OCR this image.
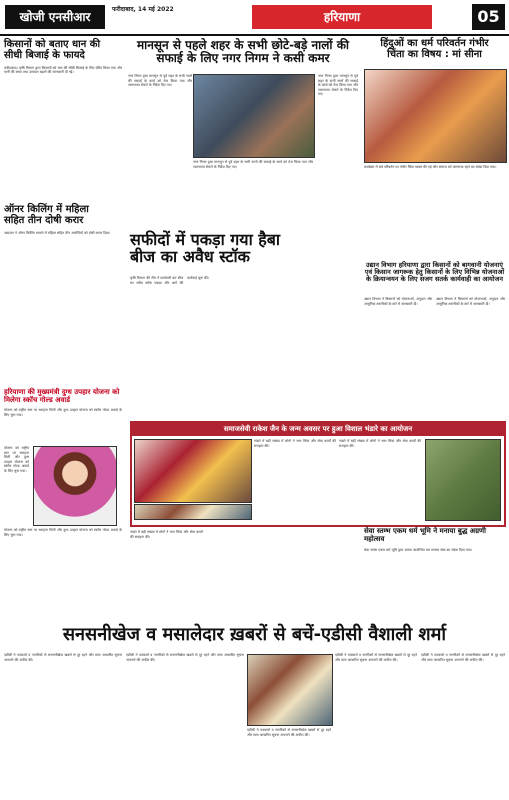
खोजी एनसीआर
फरीदाबाद, 14 मई 2022
हरियाणा	05
किसानों को बताए धान की
सीधी बिजाई के फायदे
फरीदाबाद। कृषि विभाग द्वारा किसानों को धान की सीधी बिजाई के लिए प्रेरित किया गया और पानी की बचत तथा उत्पादन बढ़ाने की जानकारी दी गई।
मानसून से पहले शहर के सभी छोटे-बड़े नालों की
सफाई के लिए नगर निगम ने कसी कमर
नगर निगम द्वारा मानसून से पूर्व शहर के सभी नालों की सफाई के कार्य को तेज किया गया और जलभराव रोकने के निर्देश दिए गए।
नगर निगम द्वारा मानसून से पूर्व शहर के सभी नालों की सफाई के कार्य को तेज किया गया और जलभराव रोकने के निर्देश दिए गए।
नगर निगम द्वारा मानसून से पूर्व शहर के सभी नालों की सफाई के कार्य को तेज किया गया और जलभराव रोकने के निर्देश दिए गए।
हिंदुओं का धर्म परिवर्तन गंभीर
चिंता का विषय : मां सीना
कार्यक्रम में धर्म परिवर्तन पर गंभीर चिंता व्यक्त की गई और समाज को जागरूक रहने का संदेश दिया गया।
ऑनर किलिंग में महिला
सहित तीन दोषी करार
अदालत ने ऑनर किलिंग मामले में महिला सहित तीन आरोपियों को दोषी करार दिया।
हरियाणा की मुख्यमंत्री दुग्ध उपहार योजना को मिलेगा स्कॉच गोल्ड अवार्ड
योजना को राष्ट्रीय स्तर पर सराहना मिली और दुग्ध उपहार योजना को स्कॉच गोल्ड अवार्ड के लिए चुना गया।
योजना को राष्ट्रीय स्तर पर सराहना मिली और दुग्ध उपहार योजना को स्कॉच गोल्ड अवार्ड के लिए चुना गया।
योजना को राष्ट्रीय स्तर पर सराहना मिली और दुग्ध उपहार योजना को स्कॉच गोल्ड अवार्ड के लिए चुना गया।
सफीदों में पकड़ा गया हैबा
बीज का अवैध स्टॉक
कृषि विभाग की टीम ने छापेमारी कर बीज का अवैध स्टॉक पकड़ा और आगे की कार्रवाई शुरू की।
उद्यान विभाग हरियाणा द्वारा किसानों को बागवानी योजनाएं एवं किसान जागरूक हेतु किसानों के लिए विभिन्न योजनाओं के क्रियान्वयन के लिए सजग सतर्क कार्यवाही का आयोजन
उद्यान विभाग ने किसानों को योजनाओं, अनुदान और आधुनिक तकनीकों के बारे में जानकारी दी।
उद्यान विभाग ने किसानों को योजनाओं, अनुदान और आधुनिक तकनीकों के बारे में जानकारी दी।
समाजसेवी राकेश जैन के जन्म अवसर पर हुआ विशाल भंडारे का आयोजन
भंडारे में बड़ी संख्या में लोगों ने भाग लिया और सेवा कार्यों की सराहना की।
भंडारे में बड़ी संख्या में लोगों ने भाग लिया और सेवा कार्यों की सराहना की।
सेवा स्तम्भ एकम धर्म भूमि ने मनाया बुद्ध अग्रणी महोत्सव
सेवा स्तम्भ एकम धर्म भूमि द्वारा उत्सव आयोजित कर समाज सेवा का संदेश दिया गया।
भंडारे में बड़ी संख्या में लोगों ने भाग लिया और सेवा कार्यों की सराहना की।
सनसनीखेज व मसालेदार ख़बरों से बचें-एडीसी वैशाली शर्मा
एडीसी ने पत्रकारों व नागरिकों से सनसनीखेज खबरों से दूर रहने और सत्य आधारित सूचना अपनाने की अपील की।
एडीसी ने पत्रकारों व नागरिकों से सनसनीखेज खबरों से दूर रहने और सत्य आधारित सूचना अपनाने की अपील की।
एडीसी ने पत्रकारों व नागरिकों से सनसनीखेज खबरों से दूर रहने और सत्य आधारित सूचना अपनाने की अपील की।
एडीसी ने पत्रकारों व नागरिकों से सनसनीखेज खबरों से दूर रहने और सत्य आधारित सूचना अपनाने की अपील की।
एडीसी ने पत्रकारों व नागरिकों से सनसनीखेज खबरों से दूर रहने और सत्य आधारित सूचना अपनाने की अपील की।
